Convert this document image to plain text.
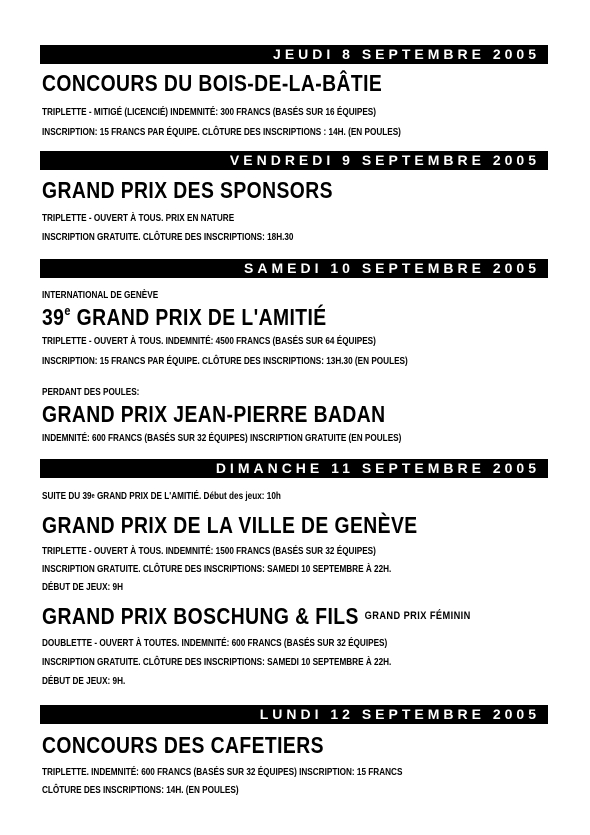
JEUDI 8 SEPTEMBRE 2005
CONCOURS DU BOIS-DE-LA-BÂTIE
TRIPLETTE - MITIGÉ (LICENCIÉ) INDEMNITÉ: 300 FRANCS (BASÉS SUR 16 ÉQUIPES)
INSCRIPTION: 15 FRANCS PAR ÉQUIPE. CLÔTURE DES INSCRIPTIONS : 14H. (EN POULES)
VENDREDI 9 SEPTEMBRE 2005
GRAND PRIX DES SPONSORS
TRIPLETTE - OUVERT À TOUS. PRIX EN NATURE
INSCRIPTION GRATUITE. CLÔTURE DES INSCRIPTIONS: 18H.30
SAMEDI 10 SEPTEMBRE 2005
INTERNATIONAL DE GENÈVE
39e GRAND PRIX DE L'AMITIÉ
TRIPLETTE - OUVERT À TOUS. INDEMNITÉ: 4500 FRANCS (BASÉS SUR 64 ÉQUIPES)
INSCRIPTION: 15 FRANCS PAR ÉQUIPE. CLÔTURE DES INSCRIPTIONS: 13H.30 (EN POULES)
PERDANT DES POULES:
GRAND PRIX JEAN-PIERRE BADAN
INDEMNITÉ: 600 FRANCS (BASÉS SUR 32 ÉQUIPES) INSCRIPTION GRATUITE (EN POULES)
DIMANCHE 11 SEPTEMBRE 2005
SUITE DU 39e GRAND PRIX DE L'AMITIÉ. Début des jeux: 10h
GRAND PRIX DE LA VILLE DE GENÈVE
TRIPLETTE - OUVERT À TOUS. INDEMNITÉ: 1500 FRANCS (BASÉS SUR 32 ÉQUIPES)
INSCRIPTION GRATUITE. CLÔTURE DES INSCRIPTIONS: SAMEDI 10 SEPTEMBRE À 22H.
DÉBUT DE JEUX: 9H
GRAND PRIX BOSCHUNG & FILS $^{GRAND PRIX FÉMININ}$
DOUBLETTE - OUVERT À TOUTES. INDEMNITÉ: 600 FRANCS (BASÉS SUR 32 ÉQUIPES)
INSCRIPTION GRATUITE. CLÔTURE DES INSCRIPTIONS: SAMEDI 10 SEPTEMBRE À 22H.
DÉBUT DE JEUX: 9H.
LUNDI 12 SEPTEMBRE 2005
CONCOURS DES CAFETIERS
TRIPLETTE. INDEMNITÉ: 600 FRANCS (BASÉS SUR 32 ÉQUIPES) INSCRIPTION: 15 FRANCS
CLÔTURE DES INSCRIPTIONS: 14H. (EN POULES)
